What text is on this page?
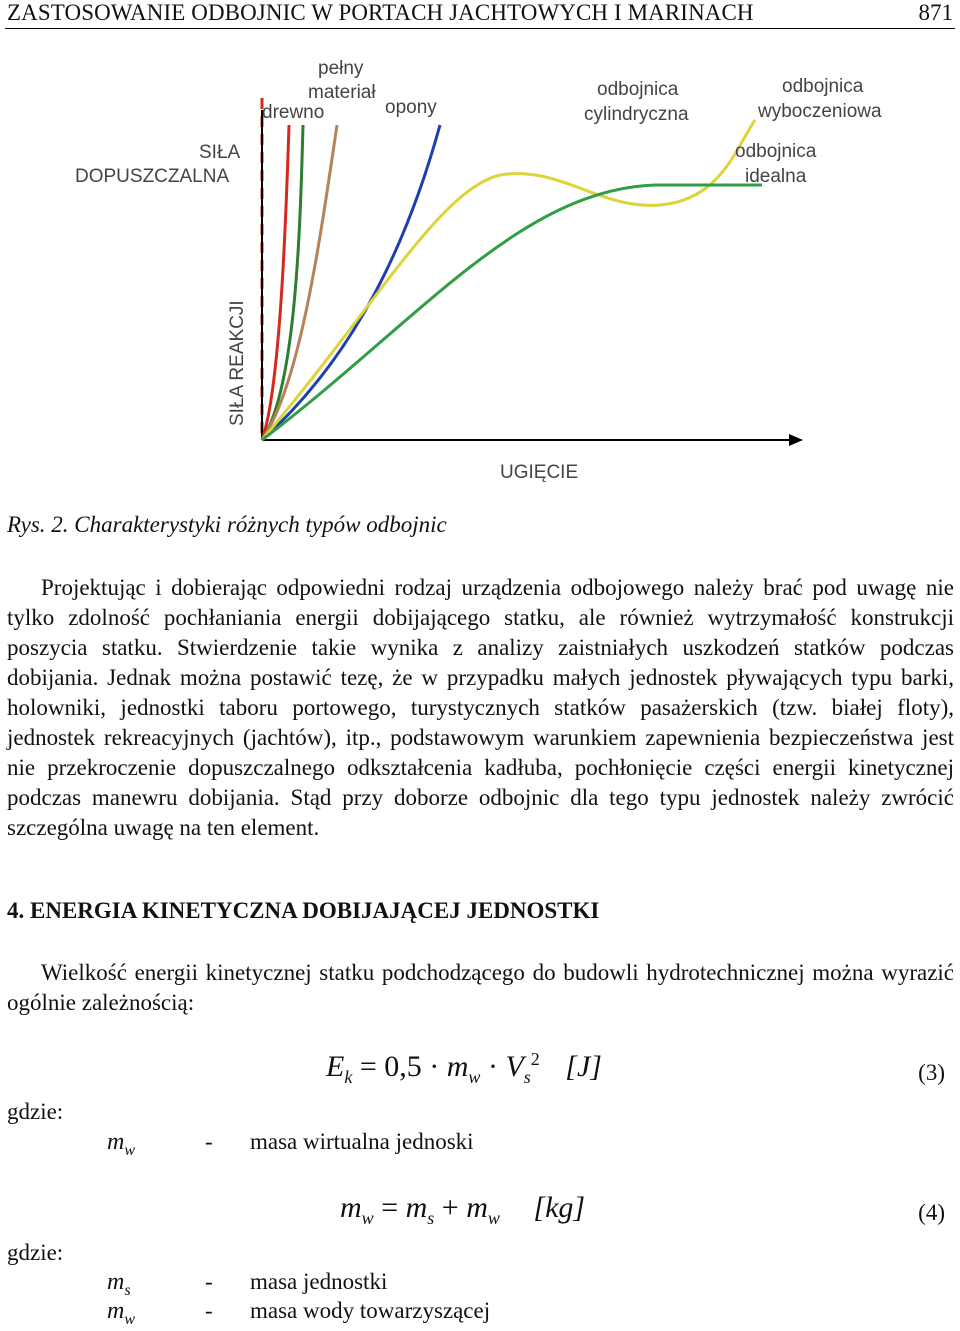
ZASTOSOWANIE ODBOJNIC W PORTACH JACHTOWYCH I MARINACH	871
SIŁA
DOPUSZCZALNA
SIŁA REAKCJI
UGIĘCIE
drewno
pełny
materiał
opony
odbojnica
cylindryczna
odbojnica
wyboczeniowa
odbojnica
idealna
Rys. 2. Charakterystyki różnych typów odbojnic

Projektując i dobierając odpowiedni rodzaj urządzenia odbojowego należy brać pod uwagę nie tylko zdolność pochłaniania energii dobijającego statku, ale również wytrzymałość konstrukcji poszycia statku. Stwierdzenie takie wynika z analizy zaistniałych uszkodzeń statków podczas dobijania. Jednak można postawić tezę, że w przypadku małych jednostek pływających typu barki, holowniki, jednostki taboru portowego, turystycznych statków pasażerskich (tzw. białej floty), jednostek rekreacyjnych (jachtów), itp., podstawowym warunkiem zapewnienia bezpieczeństwa jest nie przekroczenie dopuszczalnego odkształcenia kadłuba, pochłonięcie części energii kinetycznej podczas manewru dobijania. Stąd przy doborze odbojnic dla tego typu jednostek należy zwrócić szczególna uwagę na ten element.

4. ENERGIA KINETYCZNA DOBIJAJĄCEJ JEDNOSTKI

Wielkość energii kinetycznej statku podchodzącego do budowli hydrotechnicznej można wyrazić ogólnie zależnością:

$E_k = 0,5 \cdot m_w \cdot V_s^2$ [J]	(3)
gdzie:
$m_w$	- masa wirtualna jednoski
$m_w = m_s + m_w$ [kg]	(4)
gdzie:
$m_s$	- masa jednostki
$m_w$	- masa wody towarzyszącej
